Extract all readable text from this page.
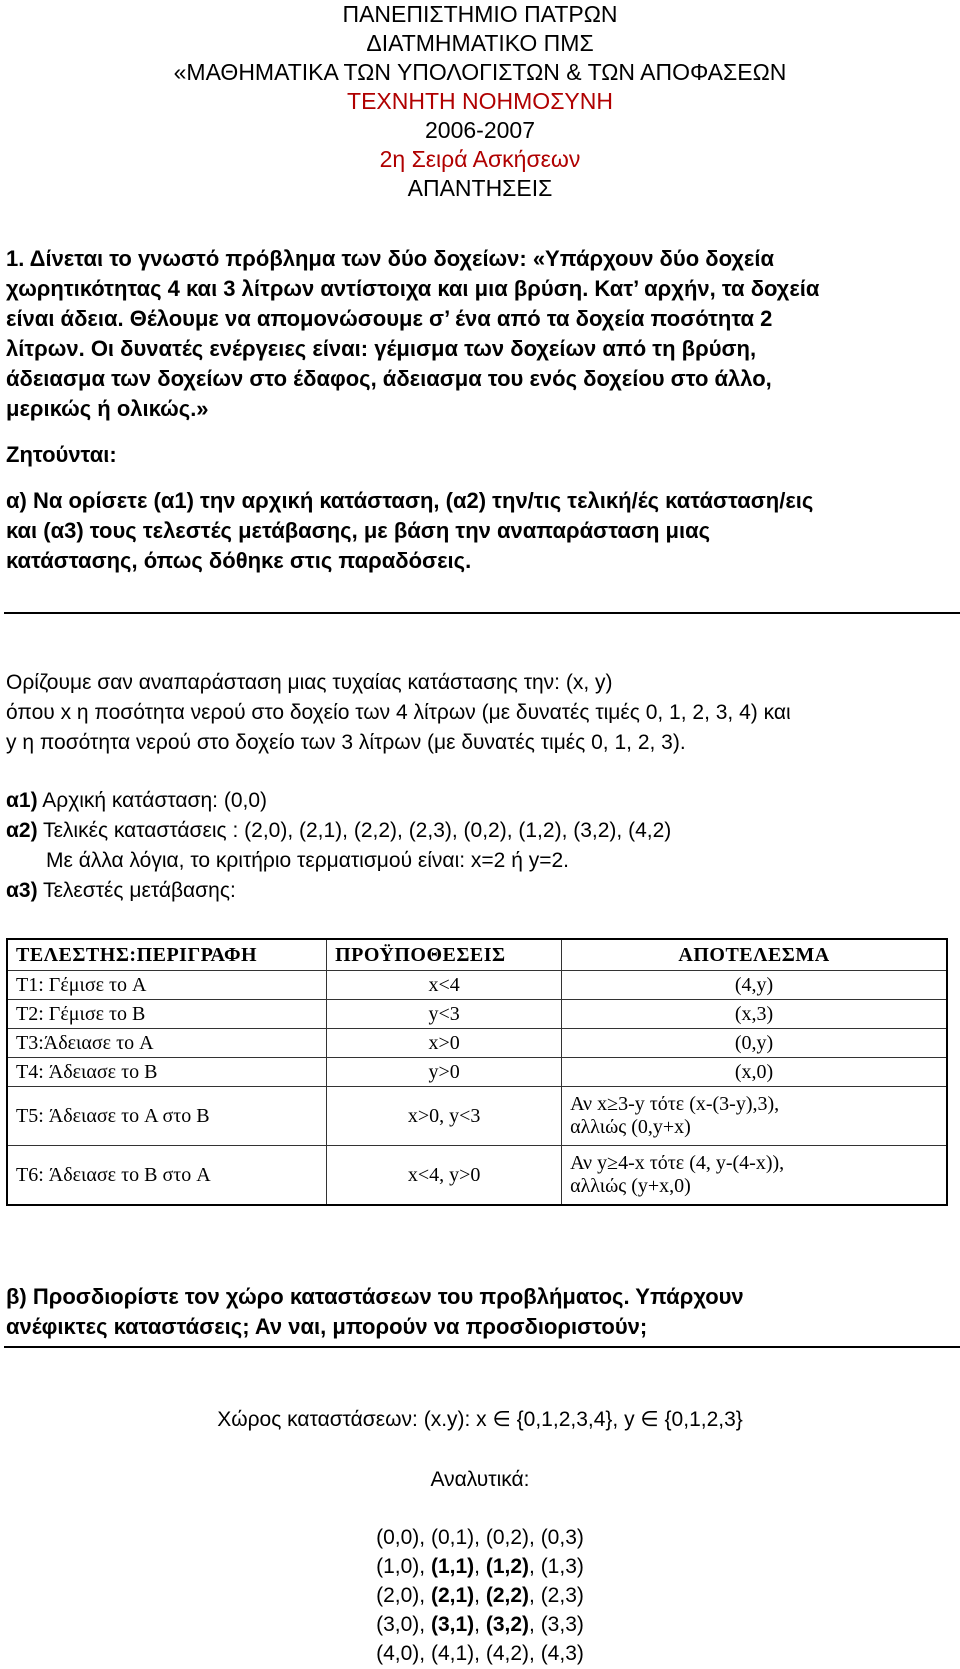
ΠΑΝΕΠΙΣΤΗΜΙΟ ΠΑΤΡΩΝ
ΔΙΑΤΜΗΜΑΤΙΚΟ ΠΜΣ
«ΜΑΘΗΜΑΤΙΚΑ ΤΩΝ ΥΠΟΛΟΓΙΣΤΩΝ & ΤΩΝ ΑΠΟΦΑΣΕΩΝ
ΤΕΧΝΗΤΗ ΝΟΗΜΟΣΥΝΗ
2006-2007
2η Σειρά Ασκήσεων
ΑΠΑΝΤΗΣΕΙΣ
1. Δίνεται το γνωστό πρόβλημα των δύο δοχείων: «Υπάρχουν δύο δοχεία
χωρητικότητας 4 και 3 λίτρων αντίστοιχα και μια βρύση. Κατ’ αρχήν, τα δοχεία
είναι άδεια. Θέλουμε να απομονώσουμε σ’ ένα από τα δοχεία ποσότητα 2
λίτρων. Οι δυνατές ενέργειες είναι: γέμισμα των δοχείων από τη βρύση,
άδειασμα των δοχείων στο έδαφος, άδειασμα του ενός δοχείου στο άλλο,
μερικώς ή ολικώς.»
Ζητούνται:
α) Να ορίσετε (α1) την αρχική κατάσταση, (α2) την/τις τελική/ές κατάσταση/εις
και (α3) τους τελεστές μετάβασης, με βάση την αναπαράσταση μιας
κατάστασης, όπως δόθηκε στις παραδόσεις.
Ορίζουμε σαν αναπαράσταση μιας τυχαίας κατάστασης την: (x, y)
όπου x η ποσότητα νερού στο δοχείο των 4 λίτρων (με δυνατές τιμές 0, 1, 2, 3, 4) και
y η ποσότητα νερού στο δοχείο των 3 λίτρων (με δυνατές τιμές 0, 1, 2, 3).
α1) Αρχική κατάσταση: (0,0)
α2) Τελικές καταστάσεις : (2,0), (2,1), (2,2), (2,3), (0,2), (1,2), (3,2), (4,2)
Με άλλα λόγια, το κριτήριο τερματισμού είναι: x=2 ή y=2.
α3) Τελεστές μετάβασης:
ΤΕΛΕΣΤΗΣ:ΠΕΡΙΓΡΑΦΗ	ΠΡΟΫΠΟΘΕΣΕΙΣ	ΑΠΟΤΕΛΕΣΜΑ
T1: Γέμισε το A	x<4	(4,y)
T2: Γέμισε το B	y<3	(x,3)
T3:Άδειασε το A	x>0	(0,y)
T4: Άδειασε το B	y>0	(x,0)
T5: Άδειασε το A στο B	x>0, y<3	Αν x≥3-y τότε (x-(3-y),3),
αλλιώς (0,y+x)

T6: Άδειασε το B στο A	x<4, y>0	Αν y≥4-x τότε (4, y-(4-x)),
αλλιώς (y+x,0)
β) Προσδιορίστε τον χώρο καταστάσεων του προβλήματος. Υπάρχουν
ανέφικτες καταστάσεις; Αν ναι, μπορούν να προσδιοριστούν;
Χώρος καταστάσεων: (x.y): x ∈ {0,1,2,3,4}, y ∈ {0,1,2,3}
Αναλυτικά:
(0,0), (0,1), (0,2), (0,3)
(1,0), (1,1), (1,2), (1,3)
(2,0), (2,1), (2,2), (2,3)
(3,0), (3,1), (3,2), (3,3)
(4,0), (4,1), (4,2), (4,3)
